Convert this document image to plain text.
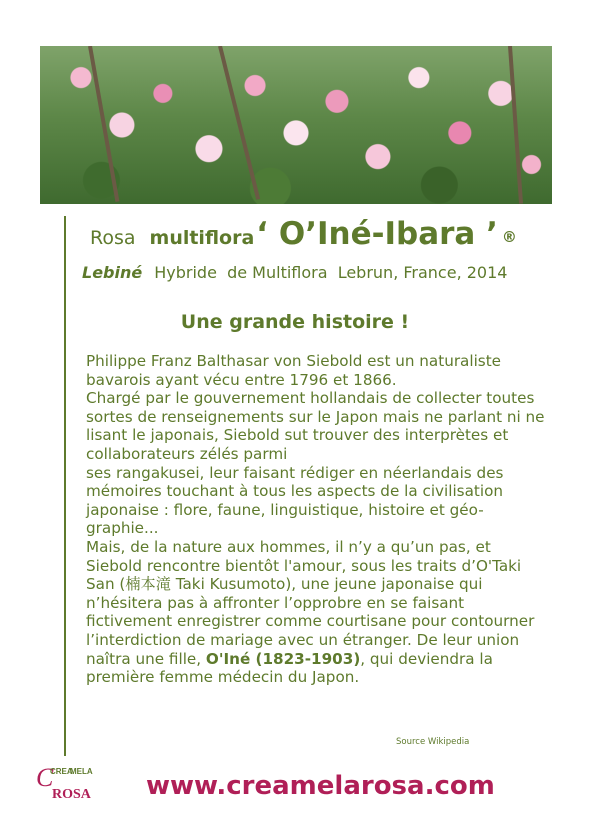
Rosa multiflora‘ O’Iné-Ibara ’ ®
Lebiné Hybride  de Multiflora  Lebrun, France, 2014
Une grande histoire !

Philippe Franz Balthasar von Siebold est un naturaliste bavarois ayant vécu entre 1796 et 1866.

Chargé par le gouvernement hollandais de collecter toutes sortes de renseignements sur le Japon mais ne parlant ni ne lisant le japonais, Siebold sut trouver des interprètes et collaborateurs zélés parmi

ses rangakusei, leur faisant rédiger en néerlandais des mémoires touchant à tous les aspects de la civilisation japonaise : flore, faune, linguistique, histoire et géo-graphie...

Mais, de la nature aux hommes, il n’y a qu’un pas, et Siebold rencontre bientôt l'amour, sous les traits d’O'Taki San (楠本滝 Taki Kusumoto), une jeune japonaise qui n’hésitera pas à affronter l’opprobre en se faisant fictivement enregistrer comme courtisane pour contourner l’interdiction de mariage avec un étranger. De leur union naîtra une fille, O'Iné (1823-1903), qui deviendra la première femme médecin du Japon.

Source Wikipedia
C
CREA
MELA
ROSA www.creamelarosa.com
